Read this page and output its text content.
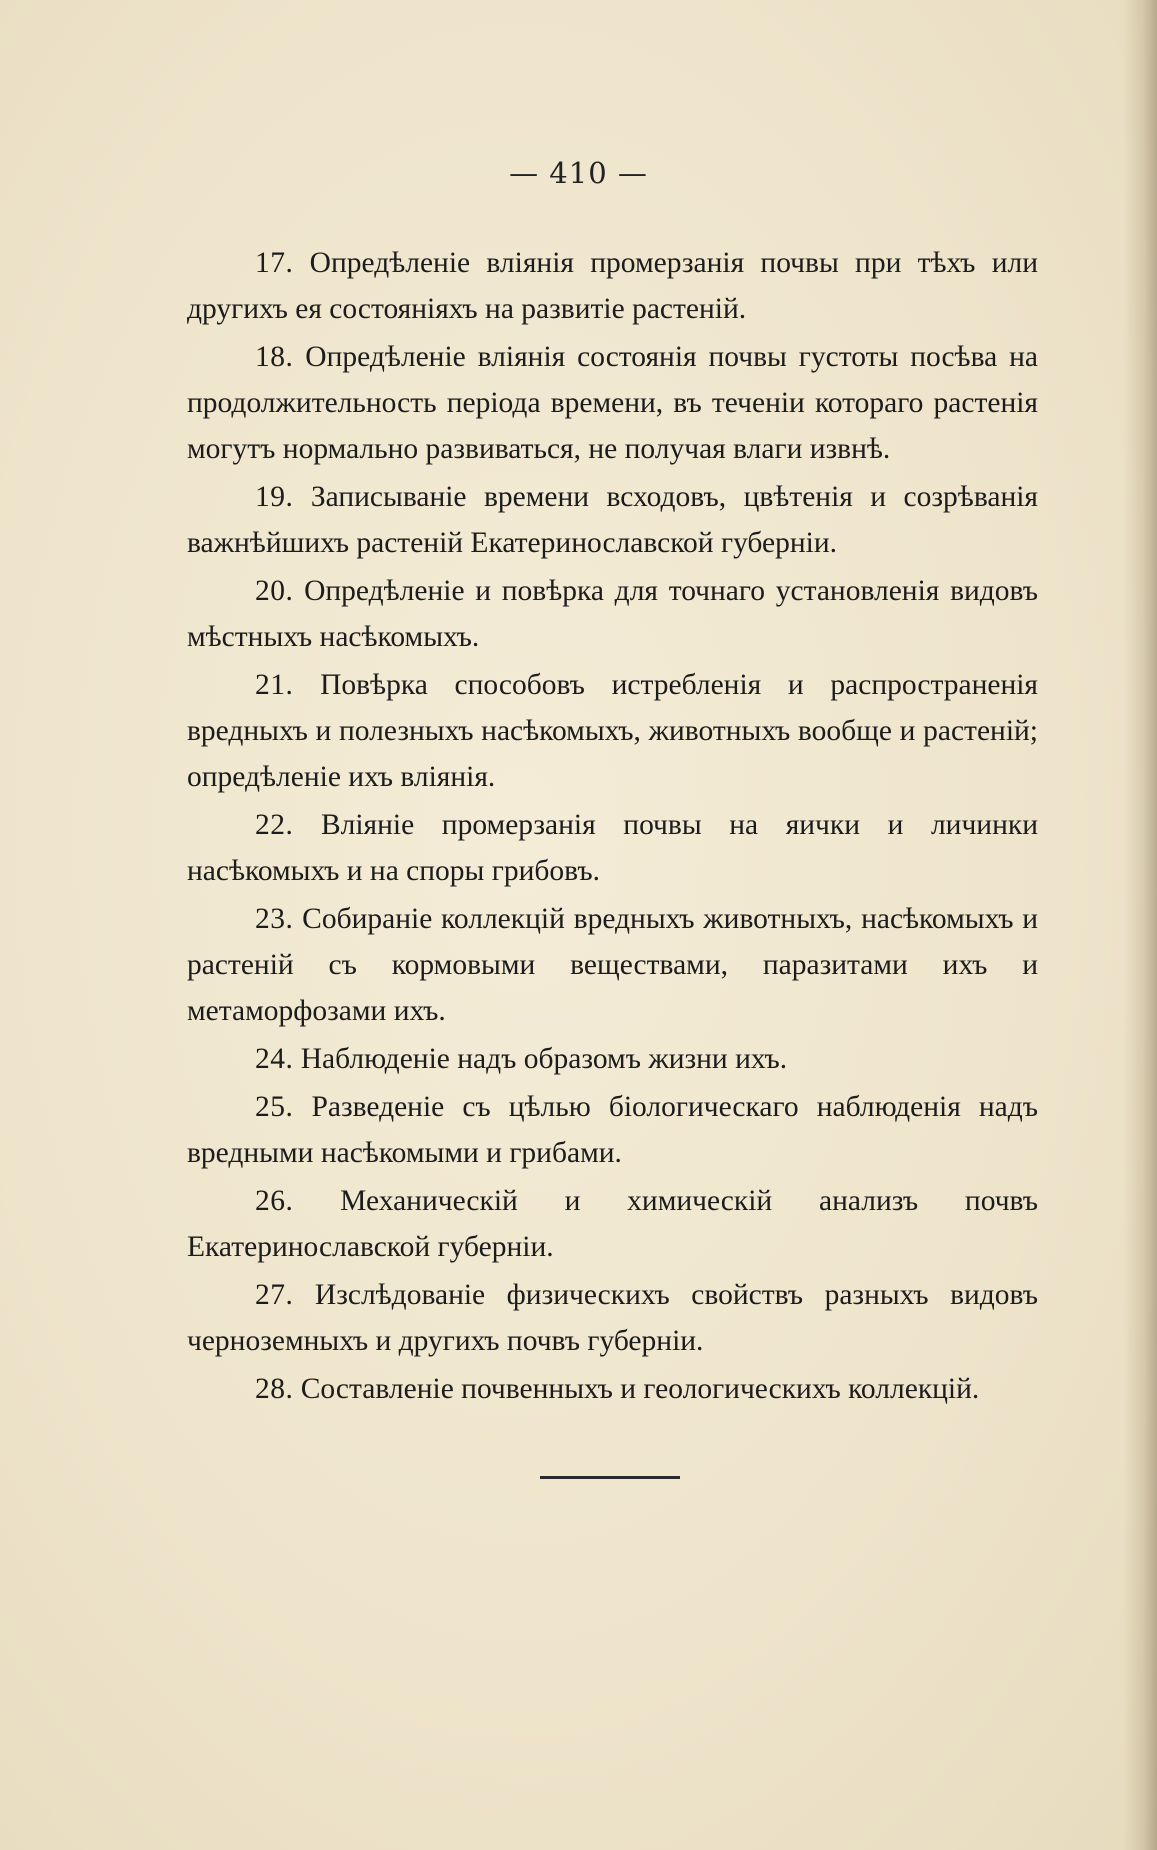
— 410 —

17. Опредѣленіе вліянія промерзанія почвы при тѣхъ или другихъ ея состояніяхъ на развитіе растеній.

18. Опредѣленіе вліянія состоянія почвы густоты посѣва на продолжительность періода времени, въ теченіи котораго растенія могутъ нормально развиваться, не получая влаги извнѣ.

19. Записываніе времени всходовъ, цвѣтенія и созрѣванія важнѣйшихъ растеній Екатеринославской губерніи.

20. Опредѣленіе и повѣрка для точнаго установленія видовъ мѣстныхъ насѣкомыхъ.

21. Повѣрка способовъ истребленія и распространенія вредныхъ и полезныхъ насѣкомыхъ, животныхъ вообще и растеній; опредѣленіе ихъ вліянія.

22. Вліяніе промерзанія почвы на яички и личинки насѣкомыхъ и на споры грибовъ.

23. Собираніе коллекцій вредныхъ животныхъ, насѣкомыхъ и растеній съ кормовыми веществами, паразитами ихъ и метаморфозами ихъ.

24. Наблюденіе надъ образомъ жизни ихъ.

25. Разведеніе съ цѣлью біологическаго наблюденія надъ вредными насѣкомыми и грибами.

26. Механическій и химическій анализъ почвъ Екатеринославской губерніи.

27. Изслѣдованіе физическихъ свойствъ разныхъ видовъ черноземныхъ и другихъ почвъ губерніи.

28. Составленіе почвенныхъ и геологическихъ коллекцій.
